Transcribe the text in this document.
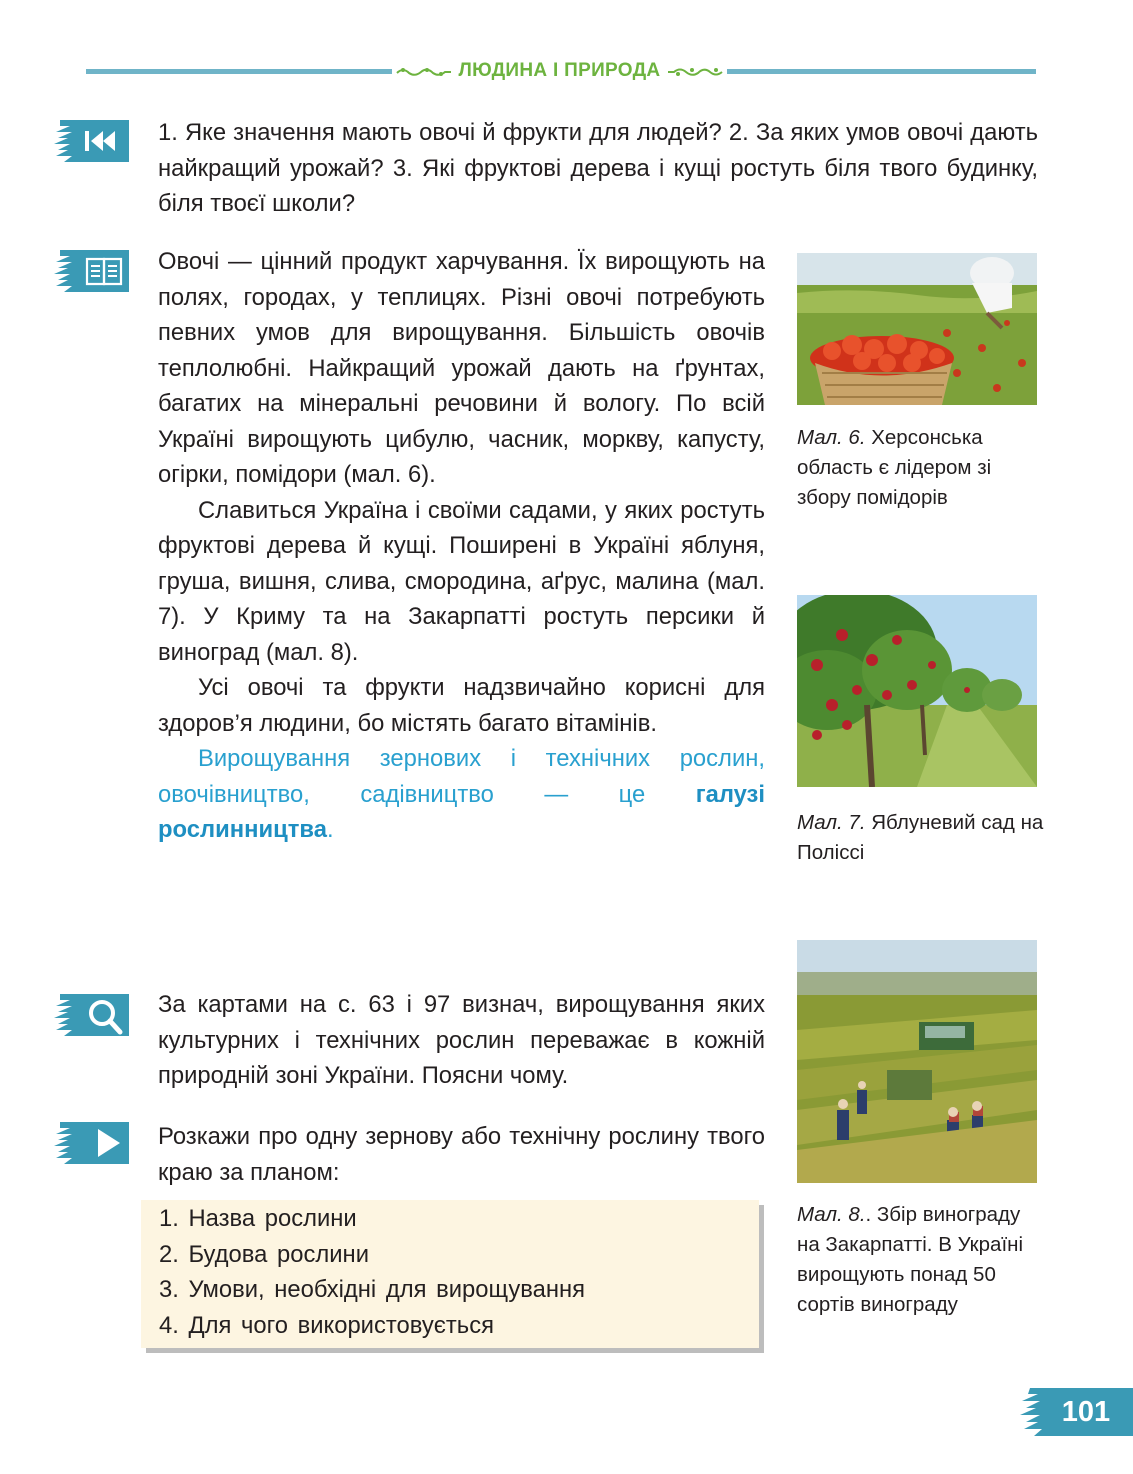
ЛЮДИНА І ПРИРОДА

1. Яке значення мають овочі й фрукти для людей? 2. За яких умов овочі дають найкращий урожай? 3. Які фруктові дерева і кущі ростуть біля твого будинку, біля твоєї школи?

Овочі — цінний продукт харчування. Їх вирощують на полях, городах, у теплицях. Різні овочі потребують певних умов для вирощування. Більшість овочів теплолюбні. Найкращий урожай дають на ґрунтах, багатих на мінеральні речовини й вологу. По всій Україні вирощують цибулю, часник, моркву, капусту, огірки, помідори (мал. 6).

Славиться Україна і своїми садами, у яких ростуть фруктові дерева й кущі. Поширені в Україні яблуня, груша, вишня, слива, смородина, аґрус, малина (мал. 7). У Криму та на Закарпатті ростуть персики й виноград (мал. 8).

Усі овочі та фрукти надзвичайно корисні для здоров’я людини, бо містять багато вітамінів.

Вирощування зернових і технічних рослин, овочівництво, садівництво — це галузі рослинництва.

За картами на с. 63 і 97 визнач, вирощування яких культурних і технічних рослин переважає в кожній природній зоні України. Поясни чому.

Розкажи про одну зернову або технічну рослину твого краю за планом:

1. Назва рослини
2. Будова рослини
3. Умови, необхідні для вирощування
4. Для чого використовується
Мал. 6. Херсонська область є лідером зі збору помідорів
Мал. 7. Яблуневий сад на Поліссі
Мал. 8.. Збір винограду на Закарпатті. В Україні вирощують понад 50 сортів винограду
101
